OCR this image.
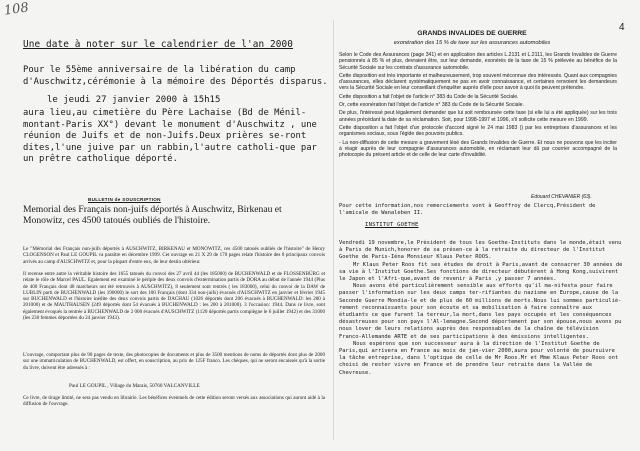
108
4
Une date à noter sur le calendrier de l'an 2000
Pour le 55ème anniversaire de la libération du camp d'Auschwitz,cérémonie à la mémoire des Déportés disparus.
le jeudi 27 janvier 2000 à 15h15
aura lieu,au cimetière du Père Lachaise (Bd de Ménil-montant-Paris XX°) devant le monument d'Auschwitz , une réunion de Juifs et de non-Juifs.Deux prières se-ront dites,l'une juive par un rabbin,l'autre catholi-que par un prêtre catholique déporté.
BULLETIN de SOUSCRIPTION
Memorial des Français non-juifs déportés à Auschwitz, Birkenau et Monowitz, ces 4500 tatoués oubliés de l'histoire.
Le "Mémorial des Français non-juifs déportés à AUSCHWITZ, BIRKENAU et MONOWITZ, ces 4500 tatoués oubliés de l'histoire" de Henry CLOGENSON et Paul LE GOUPIL va paraître en décembre 1999. Cet ouvrage en 21 X 29 de 170 pages relate l'histoire des 8 principaux convois arrivés au camp d'AUSCHWITZ et, pour la plupart d'entre eux, de leur destin ultérieur.
Il recense entre autre la véritable histoire des 1655 tatoués du convoi des 27 avril 44 (les 185000) de BUCHENWALD et de FLOSSENBÜRG et relate le rôle de Marcel PAUL. Egalement est examiné le périple des deux convois d'extermination partis de DORA au début de l'année 1944 (Plus de 400 Français dont 48 marcheurs ont été retrouvés à AUSCHWITZ), 8 seulement sont rentrés ( les 183000), celui du convoi de la DAW de LUBLIN parti de BUCHENWALD (les 190000) le sort des 100 Français (dont 334 non-juifs) évacués d'AUSCHWITZ en janvier et février 1945 sur BUCHENWALD et l'histoire inédite des deux convois partis de DACHAU (1026 déportés dont 206 évacués à BUCHENWALD: les 200 à 201000) et de MAUTHAUSEN (249 déportés dont 54 évacués à BUCHENWALD : les 200 à 201000). 3 l'occasion: 1944. Dans ce livre, sont également évoqués la rentrée à BUCHENWALD de 2 000 évacués d'AUSCHWITZ (1120 déportés partis compiègne le 6 juillet 1942) et des 31000 (les 230 femmes déportées du 24 janvier 1943).
L'ouvrage, comportant plus de 90 pages de texte, des photocopies de documents et plus de 3500 mentions de noms de déportés dont plus de 2000 sur une immatriculation de BUCHENWALD, est offert, en souscription, au prix de 125F franco. Les chèques, qui ne seront encaissés qu'à la sortie du livre, doivent être adressés à :
Paul LE GOUPIL , Village du Marais, 50760 VALCANVILLE
Ce livre, de tirage limité, ne sera pas vendu en librairie. Les bénéfices éventuels de cette édition seront versés aux associations qui auront aidé à la diffusion de l'ouvrage.
GRANDS INVALIDES DE GUERRE
exonération des 15 % de taxe sur les assurances automobiles

Selon le Code des Assurances (page 341) et en application des articles L.2131 et L.2111, les Grands Invalides de Guerre pensionnés à 85 % et plus, devraient être, sur leur demande, exonérés de la taxe de 15 % prélevée au bénéfice de la Sécurité Sociale sur les contrats d'assurance automobile.

Cette disposition est très importante et malheureusement, trop souvent méconnue des intéressés. Quant aux compagnies d'assurances, elles déclarent systématiquement ne pas en avoir connaissance, et certaines renvoient les demandeurs vers la Sécurité Sociale en leur conseillant d'enquêter auprès d'elle pour savoir à quoi ils peuvent prétendre.

Cette disposition a fait l'objet de l'article n° 383 du Code de la Sécurité Sociale.

Or, cette exonération fait l'objet de l'article n° 383 du Code de la Sécurité Sociale.

De plus, l'intéressé peut légalement demander que lui soit remboursée cette taxe (si elle lui a été appliquée) sur les trois années précédant la date de sa réclamation. Soit, pour 1998-1997 et 1996, s'il sollicite cette mesure en 1999.

Cette disposition a fait l'objet d'un protocole d'accord signé le 24 mai 1983 () par les entreprises d'assurances et les organismes sociaux, sous l'égide des pouvoirs publics.

- La non-diffusion de cette mesure a gravement lésé des Grands Invalides de Guerre. Et nous ne pouvons que les inciter à réagir auprès de leur compagnie d'assurances automobile, en réclamant leur dû par courrier accompagné de la photocopie du présent article et de celle de leur carte d'invalidité.

Edouard CHEVANIER (63).
Pour cette information,nos remerciements vont à Geoffroy de Clercq,Président de l'amicale de Wanaleben II.
INSTITUT GOETHE
Vendredi 19 novembre,le Président de tous les Goethe-Instituts dans le monde,était venu à Paris de Munich,honorer de sa présen-ce à la retraite du directeur de l'Institut Goethe de Paris-Iéna Monsieur Klaus Peter ROOS.
Mr Klaus Peter Roos fit ses études de droit à Paris,avant de consacrer 30 années de sa vie à l'Institut Goethe.Ses fonctions de directeur débutèrent à Hong Kong,suivirent le Japon et l'Afri-que,avant de revenir à Paris ,y passer 7 années.
Nous avons été particulièrement sensible aux efforts qu'il ma-nifesta pour faire passer l'information sur les deux camps ter-rifiantes du nazisme en Europe,cause de la Seconde Guerre Mondia-le et de plus de 60 millions de morts.Nous lui sommes particuliè-rement reconnaissants pour son écoute et sa mobilisation à faire connaître aux étudiants ce que furent la terreur,la mort,dans les pays occupés et les conséquences désastreuses pour son pays l'Al-lemagne.Second déportement par son épouse,nous avons pu nous lover de leurs relations auprès des responsables de la chaîne de télévision Franco-Allemande ARTE et de ses participations à des émissions intelligentes.
Nous espérons que son successeur aura à la direction de l'Institut Goethe de Paris,qui arrivera en France au mois de jan-vier 2000,aura pour volonté de poursuivre la tâche entreprise, dans l'optique de celle de Mr Roos.Mr et Mme Klaus Peter Roos ont choisi de rester vivre en France et de prendre leur retraite dans la Vallée de Chevreuse.
